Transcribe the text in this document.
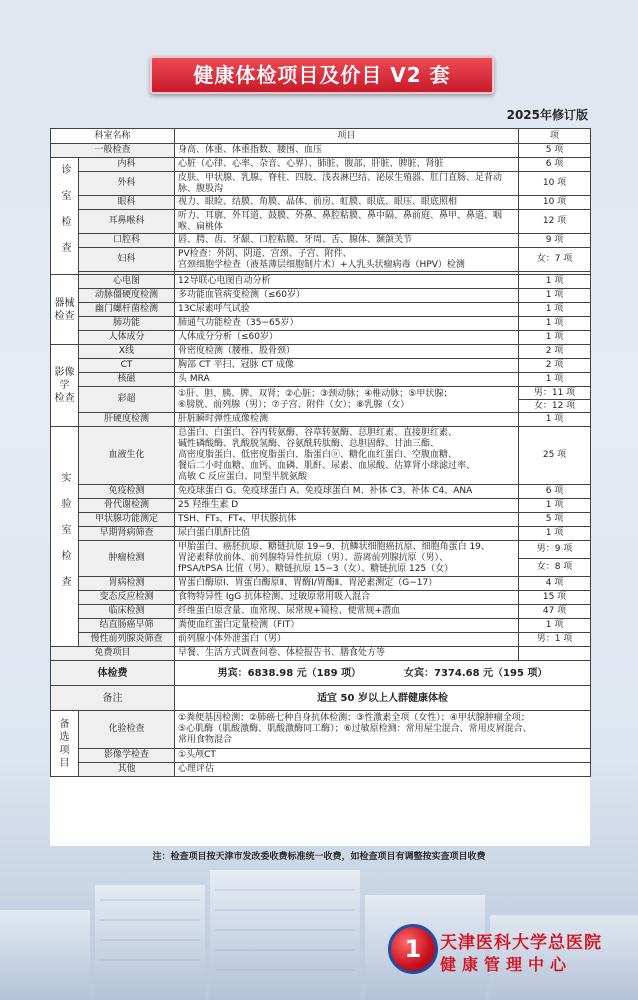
健康体检项目及价目 V2 套
2025年修订版
科室名称		项目	项
一般检查		身高、体重、体重指数、腰围、血压	5 项

诊室检查	内科	心脏（心律、心率、杂音、心界）、肺脏、腹部、肝脏、脾脏、肾脏	6 项
	外科	皮肤、甲状腺、乳腺、脊柱、四肢、浅表淋巴结、泌尿生殖器、肛门直肠、足背动脉、腹股沟	10 项
	眼科	视力、眼睑、结膜、角膜、晶体、前房、虹膜、眼底、眼压、眼底照相	10 项
	耳鼻喉科	听力、耳廓、外耳道、鼓膜、外鼻、鼻腔粘膜、鼻中隔、鼻前庭、鼻甲、鼻道、咽喉、扁桃体	12 项
	口腔科	唇、腭、齿、牙龈、口腔粘膜、牙周、舌、腺体、颞颌关节	9 项
	妇科	PV检查：外阴、阴道、宫颈、子宫、附件、
宫颈细胞学检查（液基薄层细胞制片术）+人乳头状瘤病毒（HPV）检测	女：7 项

器械
检查	心电图	12导联心电图自动分析	1 项
	动脉僵硬度检测	多功能血管病变检测（≤60岁）	1 项
	幽门螺杆菌检测	13C尿素呼气试验	1 项
	肺功能	肺通气功能检查（35−65岁）	1 项
	人体成分	人体成分分析（≤60岁）	1 项
影像学
检查	X线	骨密度检测（腰椎、股骨颈）	2 项
	CT	胸部 CT 平扫、冠脉 CT 成像	2 项
	核磁	头 MRA	1 项
	彩超	①肝、胆、胰、脾、双肾；②心脏；③颈动脉；④椎动脉；⑤甲状腺；
⑥膀胱、前列腺（男）；⑦子宫、附件（女）；⑧乳腺（女）	男：11 项
			女：12 项
	肝硬度检测	肝脏瞬时弹性成像检测	1 项

实验室检查	血液生化	总蛋白、白蛋白、谷丙转氨酶、谷草转氨酶、总胆红素、直接胆红素、
碱性磷酸酶、乳酸脱氢酶、谷氨酰转肽酶、总胆固醇、甘油三酯、
高密度脂蛋白、低密度脂蛋白、脂蛋白ⓐ、糖化血红蛋白、空腹血糖、
餐后二小时血糖、血钙、血磷、肌酐、尿素、血尿酸、估算肾小球滤过率、
高敏 C 反应蛋白、同型半胱氨酸	25 项
	免疫检测	免疫球蛋白 G、免疫球蛋白 A、免疫球蛋白 M、补体 C3、补体 C4、ANA	6 项
	骨代谢检测	25 羟维生素 D	1 项
	甲状腺功能测定	TSH、FT₃、FT₄、甲状腺抗体	5 项
	早期肾病筛查	尿白蛋白肌酐比值	1 项
	肿瘤检测	甲胎蛋白、癌胚抗原、糖链抗原 19−9、抗鳞状细胞癌抗原、细胞角蛋白 19、
胃泌素释放前体、前列腺特异性抗原（男）、游离前列腺抗原（男）、
fPSA/tPSA 比值（男）、糖链抗原 15−3（女）、糖链抗原 125（女）	男：9 项
			女：8 项
	胃病检测	胃蛋白酶原Ⅰ、胃蛋白酶原Ⅱ、胃酶Ⅰ/胃酶Ⅱ、胃泌素测定（G−17）	4 项
	变态反应检测	食物特异性 IgG 抗体检测、过敏原常用吸入混合	15 项
	临床检测	纤维蛋白原含量、血常规、尿常规+镜检、便常规+潜血	47 项
	结直肠癌早筛	粪便血红蛋白定量检测（FIT）	1 项
	慢性前列腺炎筛查	前列腺小体外泄蛋白（男）	男：1 项
免费项目		早餐、生活方式调查问卷、体检报告书、膳食处方等	
体检费		男宾：6838.98 元（189 项） 女宾：7374.68 元（195 项）	
备注		适宜 50 岁以上人群健康体检	
备
选
项
目	化验检查	①粪便基因检测；②肺癌七种自身抗体检测；③性激素全项（女性）；④甲状腺肿瘤全项；
⑤心肌酶（肌酸激酶、肌酸激酶同工酶）；⑥过敏原检测：常用屋尘混合、常用皮屑混合、
常用食物混合	
	影像学检查	①头颅CT	
	其他	心理评估	
注：检查项目按天津市发改委收费标准统一收费，如检查项目有调整按实查项目收费
1	天津医科大学总医院
健康管理中心
